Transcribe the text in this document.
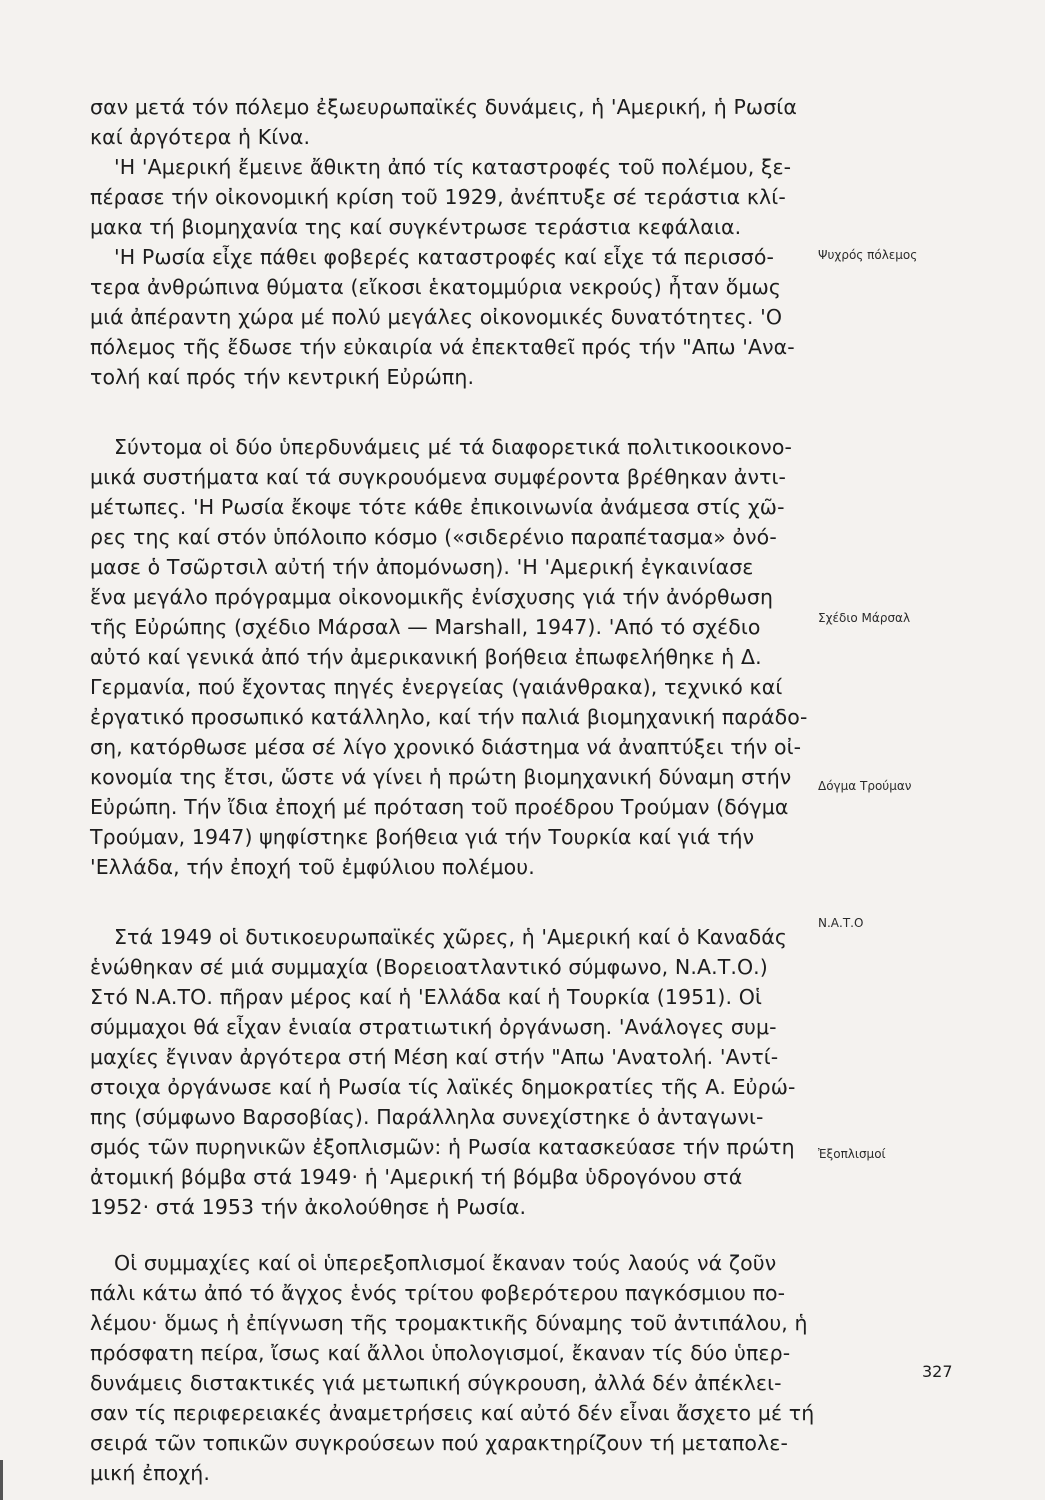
σαν μετά τόν πόλεμο ἐξωευρωπαϊκές δυνάμεις, ἡ 'Αμερική, ἡ Ρωσία
καί ἀργότερα ἡ Κίνα.
'Η 'Αμερική ἔμεινε ἄθικτη ἀπό τίς καταστροφές τοῦ πολέμου, ξε-
πέρασε τήν οἰκονομική κρίση τοῦ 1929, ἀνέπτυξε σέ τεράστια κλί-
μακα τή βιομηχανία της καί συγκέντρωσε τεράστια κεφάλαια.
'Η Ρωσία εἶχε πάθει φοβερές καταστροφές καί εἶχε τά περισσό-
τερα ἀνθρώπινα θύματα (εἴκοσι ἑκατομμύρια νεκρούς) ἦταν ὅμως
μιά ἀπέραντη χώρα μέ πολύ μεγάλες οἰκονομικές δυνατότητες. 'Ο
πόλεμος τῆς ἔδωσε τήν εὐκαιρία νά ἐπεκταθεῖ πρός τήν "Απω 'Ανα-
τολή καί πρός τήν κεντρική Εὐρώπη.
Σύντομα οἱ δύο ὑπερδυνάμεις μέ τά διαφορετικά πολιτικοοικονο-
μικά συστήματα καί τά συγκρουόμενα συμφέροντα βρέθηκαν ἀντι-
μέτωπες. 'Η Ρωσία ἔκοψε τότε κάθε ἐπικοινωνία ἀνάμεσα στίς χῶ-
ρες της καί στόν ὑπόλοιπο κόσμο («σιδερένιο παραπέτασμα» ὀνό-
μασε ὁ Τσῶρτσιλ αὐτή τήν ἀπομόνωση). 'Η 'Αμερική ἐγκαινίασε
ἕνα μεγάλο πρόγραμμα οἰκονομικῆς ἐνίσχυσης γιά τήν ἀνόρθωση
τῆς Εὐρώπης (σχέδιο Μάρσαλ — Marshall, 1947). 'Από τό σχέδιο
αὐτό καί γενικά ἀπό τήν ἀμερικανική βοήθεια ἐπωφελήθηκε ἡ Δ.
Γερμανία, πού ἔχοντας πηγές ἐνεργείας (γαιάνθρακα), τεχνικό καί
ἐργατικό προσωπικό κατάλληλο, καί τήν παλιά βιομηχανική παράδο-
ση, κατόρθωσε μέσα σέ λίγο χρονικό διάστημα νά ἀναπτύξει τήν οἰ-
κονομία της ἔτσι, ὥστε νά γίνει ἡ πρώτη βιομηχανική δύναμη στήν
Εὐρώπη. Τήν ἴδια ἐποχή μέ πρόταση τοῦ προέδρου Τρούμαν (δόγμα
Τρούμαν, 1947) ψηφίστηκε βοήθεια γιά τήν Τουρκία καί γιά τήν
'Ελλάδα, τήν ἐποχή τοῦ ἐμφύλιου πολέμου.
Στά 1949 οἱ δυτικοευρωπαϊκές χῶρες, ἡ 'Αμερική καί ὁ Καναδάς
ἑνώθηκαν σέ μιά συμμαχία (Βορειοατλαντικό σύμφωνο, Ν.Α.Τ.Ο.)
Στό Ν.Α.ΤΟ. πῆραν μέρος καί ἡ 'Ελλάδα καί ἡ Τουρκία (1951). Οἱ
σύμμαχοι θά εἶχαν ἑνιαία στρατιωτική ὀργάνωση. 'Ανάλογες συμ-
μαχίες ἔγιναν ἀργότερα στή Μέση καί στήν "Απω 'Ανατολή. 'Αντί-
στοιχα ὀργάνωσε καί ἡ Ρωσία τίς λαϊκές δημοκρατίες τῆς Α. Εὐρώ-
πης (σύμφωνο Βαρσοβίας). Παράλληλα συνεχίστηκε ὁ ἀνταγωνι-
σμός τῶν πυρηνικῶν ἐξοπλισμῶν: ἡ Ρωσία κατασκεύασε τήν πρώτη
ἀτομική βόμβα στά 1949· ἡ 'Αμερική τή βόμβα ὑδρογόνου στά
1952· στά 1953 τήν ἀκολούθησε ἡ Ρωσία.
Οἱ συμμαχίες καί οἱ ὑπερεξοπλισμοί ἔκαναν τούς λαούς νά ζοῦν
πάλι κάτω ἀπό τό ἄγχος ἑνός τρίτου φοβερότερου παγκόσμιου πο-
λέμου· ὅμως ἡ ἐπίγνωση τῆς τρομακτικῆς δύναμης τοῦ ἀντιπάλου, ἡ
πρόσφατη πείρα, ἴσως καί ἄλλοι ὑπολογισμοί, ἔκαναν τίς δύο ὑπερ-
δυνάμεις διστακτικές γιά μετωπική σύγκρουση, ἀλλά δέν ἀπέκλει-
σαν τίς περιφερειακές ἀναμετρήσεις καί αὐτό δέν εἶναι ἄσχετο μέ τή
σειρά τῶν τοπικῶν συγκρούσεων πού χαρακτηρίζουν τή μεταπολε-
μική ἐποχή.
Ψυχρός πόλεμος
Σχέδιο Μάρσαλ
Δόγμα Τρούμαν
Ν.Α.Τ.Ο
Ἐξοπλισμοί
327
